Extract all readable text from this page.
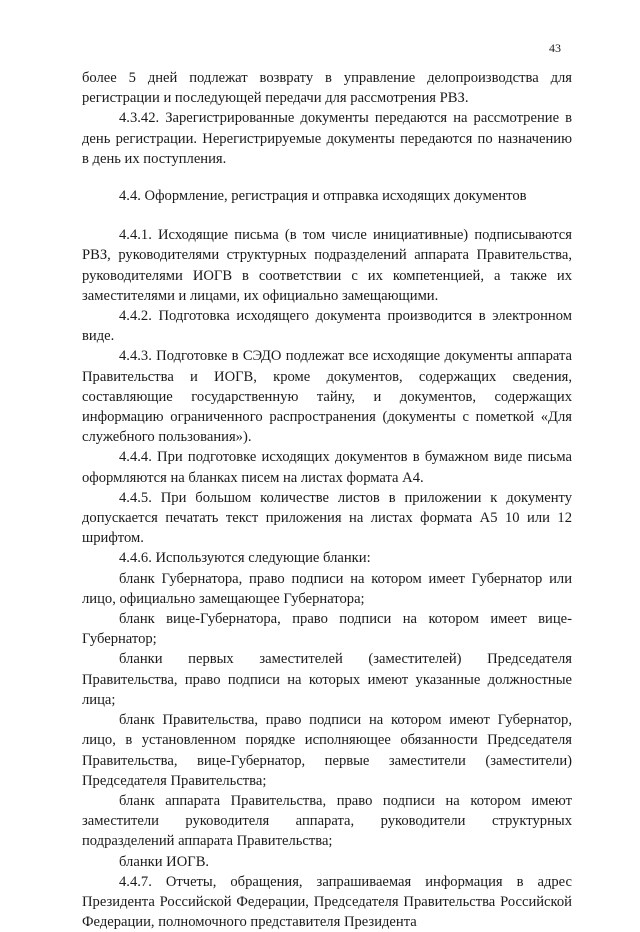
43

более 5 дней подлежат возврату в управление делопроизводства для регистрации и последующей передачи для рассмотрения РВЗ.

4.3.42. Зарегистрированные документы передаются на рассмотрение в день регистрации. Нерегистрируемые документы передаются по назначению в день их поступления.

4.4. Оформление, регистрация и отправка исходящих документов

4.4.1. Исходящие письма (в том числе инициативные) подписываются РВЗ, руководителями структурных подразделений аппарата Правительства, руководителями ИОГВ в соответствии с их компетенцией, а также их заместителями и лицами, их официально замещающими.

4.4.2. Подготовка исходящего документа производится в электронном виде.

4.4.3. Подготовке в СЭДО подлежат все исходящие документы аппарата Правительства и ИОГВ, кроме документов, содержащих сведения, составляющие государственную тайну, и документов, содержащих информацию ограниченного распространения (документы с пометкой «Для служебного пользования»).

4.4.4. При подготовке исходящих документов в бумажном виде письма оформляются на бланках писем на листах формата А4.

4.4.5. При большом количестве листов в приложении к документу допускается печатать текст приложения на листах формата А5 10 или 12 шрифтом.

4.4.6. Используются следующие бланки:

бланк Губернатора, право подписи на котором имеет Губернатор или лицо, официально замещающее Губернатора;

бланк вице-Губернатора, право подписи на котором имеет вице-Губернатор;

бланки первых заместителей (заместителей) Председателя Правительства, право подписи на которых имеют указанные должностные лица;

бланк Правительства, право подписи на котором имеют Губернатор, лицо, в установленном порядке исполняющее обязанности Председателя Правительства, вице-Губернатор, первые заместители (заместители) Председателя Правительства;

бланк аппарата Правительства, право подписи на котором имеют заместители руководителя аппарата, руководители структурных подразделений аппарата Правительства;

бланки ИОГВ.

4.4.7. Отчеты, обращения, запрашиваемая информация в адрес Президента Российской Федерации, Председателя Правительства Российской Федерации, полномочного представителя Президента
